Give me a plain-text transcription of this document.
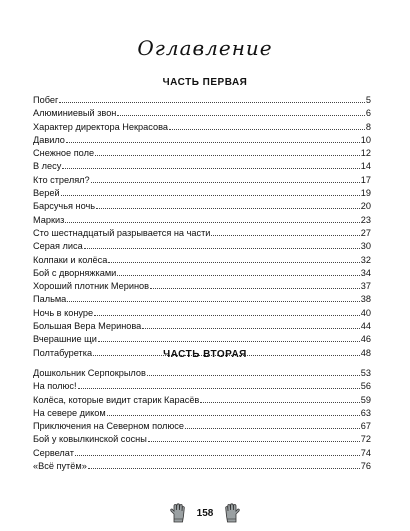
Оглавление
ЧАСТЬ ПЕРВАЯ
Побег	5
Алюминиевый звон	6
Характер директора Некрасова	8
Давило	10
Снежное поле	12
В лесу	14
Кто стрелял?	17
Верей	19
Барсучья ночь	20
Маркиз	23
Сто шестнадцатый разрывается на части	27
Серая лиса	30
Колпаки и колёса	32
Бой с дворняжками	34
Хороший плотник Меринов	37
Пальма	38
Ночь в конуре	40
Большая Вера Меринова	44
Вчерашние щи	46
Полтабуретка	48
ЧАСТЬ ВТОРАЯ
Дошкольник Серпокрылов	53
На полюс!	56
Колёса, которые видит старик Карасёв	59
На севере диком	63
Приключения на Северном полюсе	67
Бой у ковылкинской сосны	72
Сервелат	74
«Всё путём»	76
158
